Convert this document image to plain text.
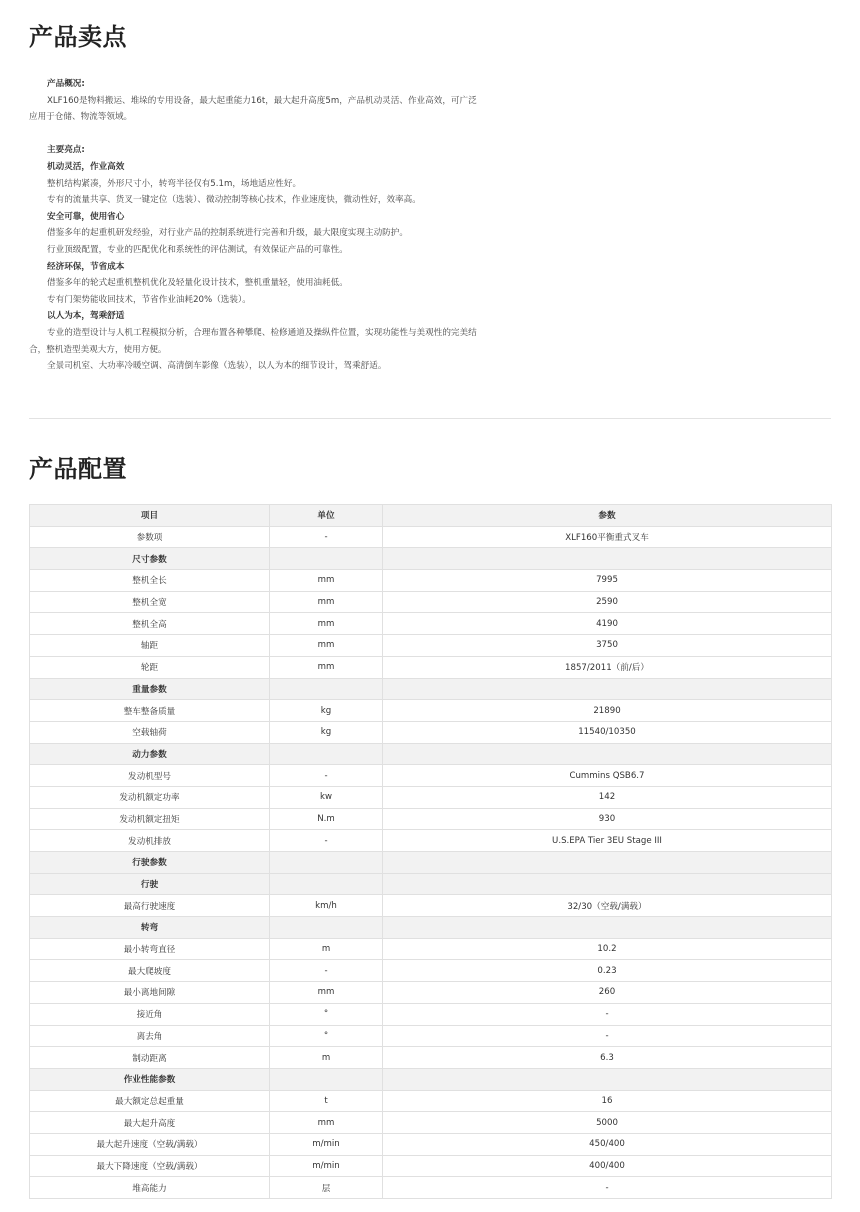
产品卖点

产品概况:

XLF160是物料搬运、堆垛的专用设备，最大起重能力16t，最大起升高度5m，产品机动灵活、作业高效，可广泛

应用于仓储、物流等领域。

主要亮点:

机动灵活，作业高效

整机结构紧凑，外形尺寸小，转弯半径仅有5.1m，场地适应性好。

专有的流量共享、货叉一键定位（选装）、微动控制等核心技术，作业速度快，微动性好，效率高。

安全可靠，使用省心

借鉴多年的起重机研发经验，对行业产品的控制系统进行完善和升级，最大限度实现主动防护。

行业顶级配置，专业的匹配优化和系统性的评估测试，有效保证产品的可靠性。

经济环保，节省成本

借鉴多年的轮式起重机整机优化及轻量化设计技术，整机重量轻，使用油耗低。

专有门架势能收回技术，节省作业油耗20%（选装）。

以人为本，驾乘舒适

专业的造型设计与人机工程模拟分析，合理布置各种攀爬、检修通道及操纵件位置，实现功能性与美观性的完美结

合，整机造型美观大方，使用方便。

全景司机室、大功率冷暖空调、高清倒车影像（选装），以人为本的细节设计，驾乘舒适。

产品配置
项目	单位	参数
参数项	-	XLF160平衡重式叉车
尺寸参数		
整机全长	mm	7995
整机全宽	mm	2590
整机全高	mm	4190
轴距	mm	3750
轮距	mm	1857/2011（前/后）
重量参数		
整车整备质量	kg	21890
空载轴荷	kg	11540/10350
动力参数		
发动机型号	-	Cummins QSB6.7
发动机额定功率	kw	142
发动机额定扭矩	N.m	930
发动机排放	-	U.S.EPA Tier 3EU Stage III
行驶参数		
行驶		
最高行驶速度	km/h	32/30（空载/满载）
转弯		
最小转弯直径	m	10.2
最大爬坡度	-	0.23
最小离地间隙	mm	260
接近角	°	-
离去角	°	-
制动距离	m	6.3
作业性能参数		
最大额定总起重量	t	16
最大起升高度	mm	5000
最大起升速度（空载/满载）	m/min	450/400
最大下降速度（空载/满载）	m/min	400/400
堆高能力	层	-
